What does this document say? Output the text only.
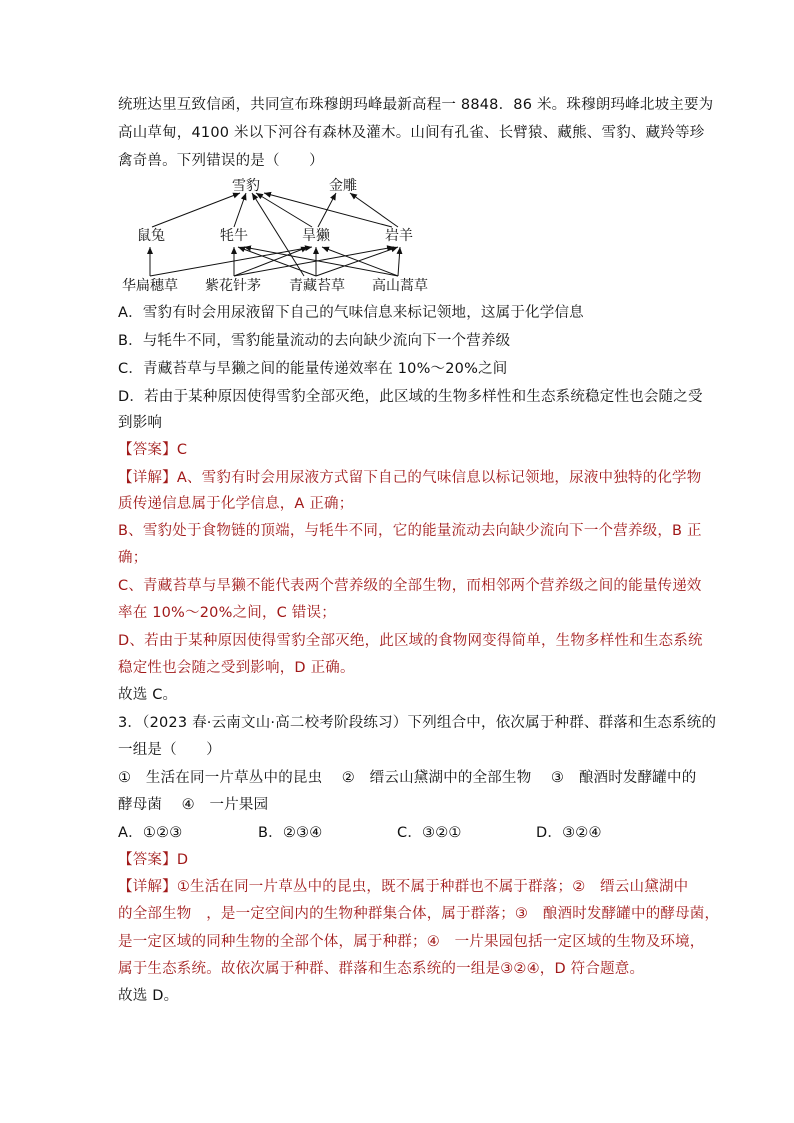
统班达里互致信函，共同宣布珠穆朗玛峰最新高程一 8848．86 米。珠穆朗玛峰北坡主要为
高山草甸，4100 米以下河谷有森林及灌木。山间有孔雀、长臂猿、藏熊、雪豹、藏羚等珍
禽奇兽。下列错误的是（　　）
雪豹	金雕
鼠兔	牦牛	旱獭	岩羊
华扁穗草 紫花针茅 青藏苔草 高山蒿草
A．雪豹有时会用尿液留下自己的气味信息来标记领地，这属于化学信息
B．与牦牛不同，雪豹能量流动的去向缺少流向下一个营养级
C．青藏苔草与旱獭之间的能量传递效率在 10%～20%之间
D．若由于某种原因使得雪豹全部灭绝，此区域的生物多样性和生态系统稳定性也会随之受
到影响
【答案】C
【详解】A、雪豹有时会用尿液方式留下自己的气味信息以标记领地，尿液中独特的化学物
质传递信息属于化学信息，A 正确；
B、雪豹处于食物链的顶端，与牦牛不同，它的能量流动去向缺少流向下一个营养级，B 正
确；
C、青藏苔草与旱獭不能代表两个营养级的全部生物，而相邻两个营养级之间的能量传递效
率在 10%～20%之间，C 错误；
D、若由于某种原因使得雪豹全部灭绝，此区域的食物网变得简单，生物多样性和生态系统
稳定性也会随之受到影响，D 正确。
故选 C。
3．（2023 春·云南文山·高二校考阶段练习）下列组合中，依次属于种群、群落和生态系统的
一组是（　　）
①　生活在同一片草丛中的昆虫　 ②　缙云山黛湖中的全部生物　 ③　酿酒时发酵罐中的
酵母菌　 ④　一片果园
A．①②③	B．②③④	C．③②①	D．③②④
【答案】D
【详解】①生活在同一片草丛中的昆虫，既不属于种群也不属于群落；②　缙云山黛湖中
的全部生物　，是一定空间内的生物种群集合体，属于群落；③　酿酒时发酵罐中的酵母菌，
是一定区域的同种生物的全部个体，属于种群；④　一片果园包括一定区域的生物及环境，
属于生态系统。故依次属于种群、群落和生态系统的一组是③②④，D 符合题意。
故选 D。
